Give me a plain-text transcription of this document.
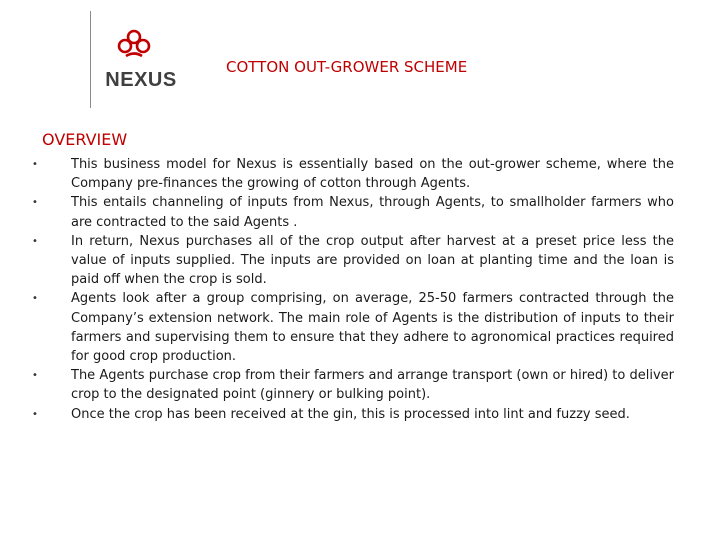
NEXUS
COTTON OUT-GROWER SCHEME
OVERVIEW
•	This business model for Nexus is essentially based on the out-grower scheme, where the Company pre-finances the growing of cotton through Agents.
•	This entails channeling of inputs from Nexus, through Agents, to smallholder farmers who are contracted to the said Agents .
•	In return, Nexus purchases all of the crop output after harvest at a preset price less the value of inputs supplied. The inputs are provided on loan at planting time and the loan is paid off when the crop is sold.
•	Agents look after a group comprising, on average, 25-50 farmers contracted through the Company’s extension network. The main role of Agents is the distribution of inputs to their farmers and supervising them to ensure that they adhere to agronomical practices required for good crop production.
•	The Agents purchase crop from their farmers and arrange transport (own or hired) to deliver crop to the designated point (ginnery or bulking point).
•	Once the crop has been received at the gin, this is processed into lint and fuzzy seed.
